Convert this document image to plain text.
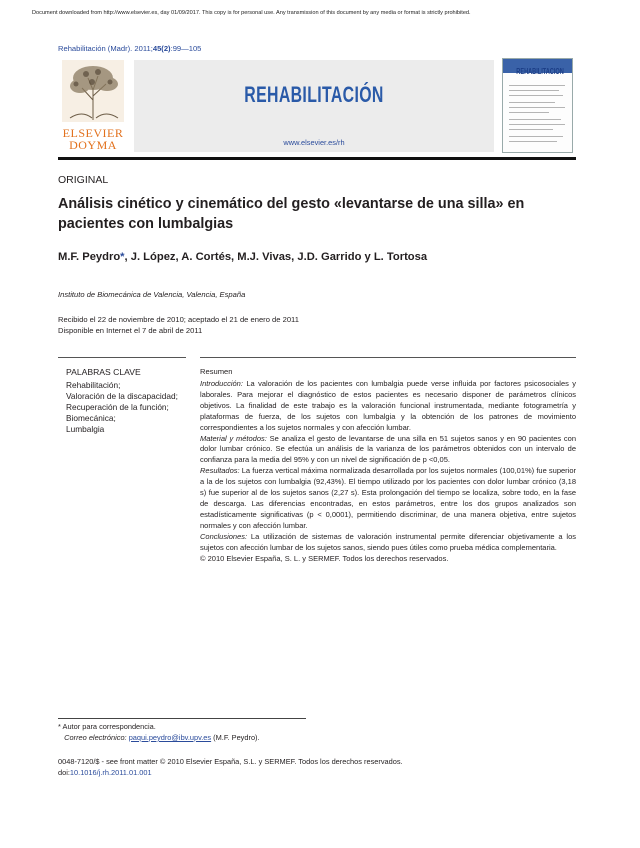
Document downloaded from http://www.elsevier.es, day 01/09/2017. This copy is for personal use. Any transmission of this document by any media or format is strictly prohibited.
Rehabilitación (Madr). 2011;45(2):99—105
ELSEVIER
DOYMA
REHABILITACIÓN
www.elsevier.es/rh
REHABILITACION
ORIGINAL
Análisis cinético y cinemático del gesto «levantarse de una silla» en pacientes con lumbalgias
M.F. Peydro*, J. López, A. Cortés, M.J. Vivas, J.D. Garrido y L. Tortosa
Instituto de Biomecánica de Valencia, Valencia, España
Recibido el 22 de noviembre de 2010; aceptado el 21 de enero de 2011
Disponible en Internet el 7 de abril de 2011
PALABRAS CLAVE
Rehabilitación;
Valoración de la discapacidad;
Recuperación de la función;
Biomecánica;
Lumbalgia
Resumen

Introducción: La valoración de los pacientes con lumbalgia puede verse influida por factores psicosociales y laborales. Para mejorar el diagnóstico de estos pacientes es necesario disponer de parámetros clínicos objetivos. La finalidad de este trabajo es la valoración funcional instrumentada, mediante fotogrametría y plataformas de fuerza, de los sujetos con lumbalgia y la obtención de los patrones de movimiento correspondientes a los sujetos normales y con afección lumbar.

Material y métodos: Se analiza el gesto de levantarse de una silla en 51 sujetos sanos y en 90 pacientes con dolor lumbar crónico. Se efectúa un análisis de la varianza de los parámetros obtenidos con un intervalo de confianza para la media del 95% y con un nivel de significación de p <0,05.

Resultados: La fuerza vertical máxima normalizada desarrollada por los sujetos normales (100,01%) fue superior a la de los sujetos con lumbalgia (92,43%). El tiempo utilizado por los pacientes con dolor lumbar crónico (3,18 s) fue superior al de los sujetos sanos (2,27 s). Esta prolongación del tiempo se localiza, sobre todo, en la fase de descarga. Las diferencias encontradas, en estos parámetros, entre los dos grupos analizados son estadísticamente significativas (p < 0,0001), permitiendo discriminar, de una manera objetiva, entre sujetos normales y con afección lumbar.

Conclusiones: La utilización de sistemas de valoración instrumental permite diferenciar objetivamente a los sujetos con afección lumbar de los sujetos sanos, siendo pues útiles como prueba médica complementaria.

© 2010 Elsevier España, S. L. y SERMEF. Todos los derechos reservados.

* Autor para correspondencia.
Correo electrónico: paqui.peydro@ibv.upv.es (M.F. Peydro).
0048-7120/$ - see front matter © 2010 Elsevier España, S.L. y SERMEF. Todos los derechos reservados.
doi:10.1016/j.rh.2011.01.001
